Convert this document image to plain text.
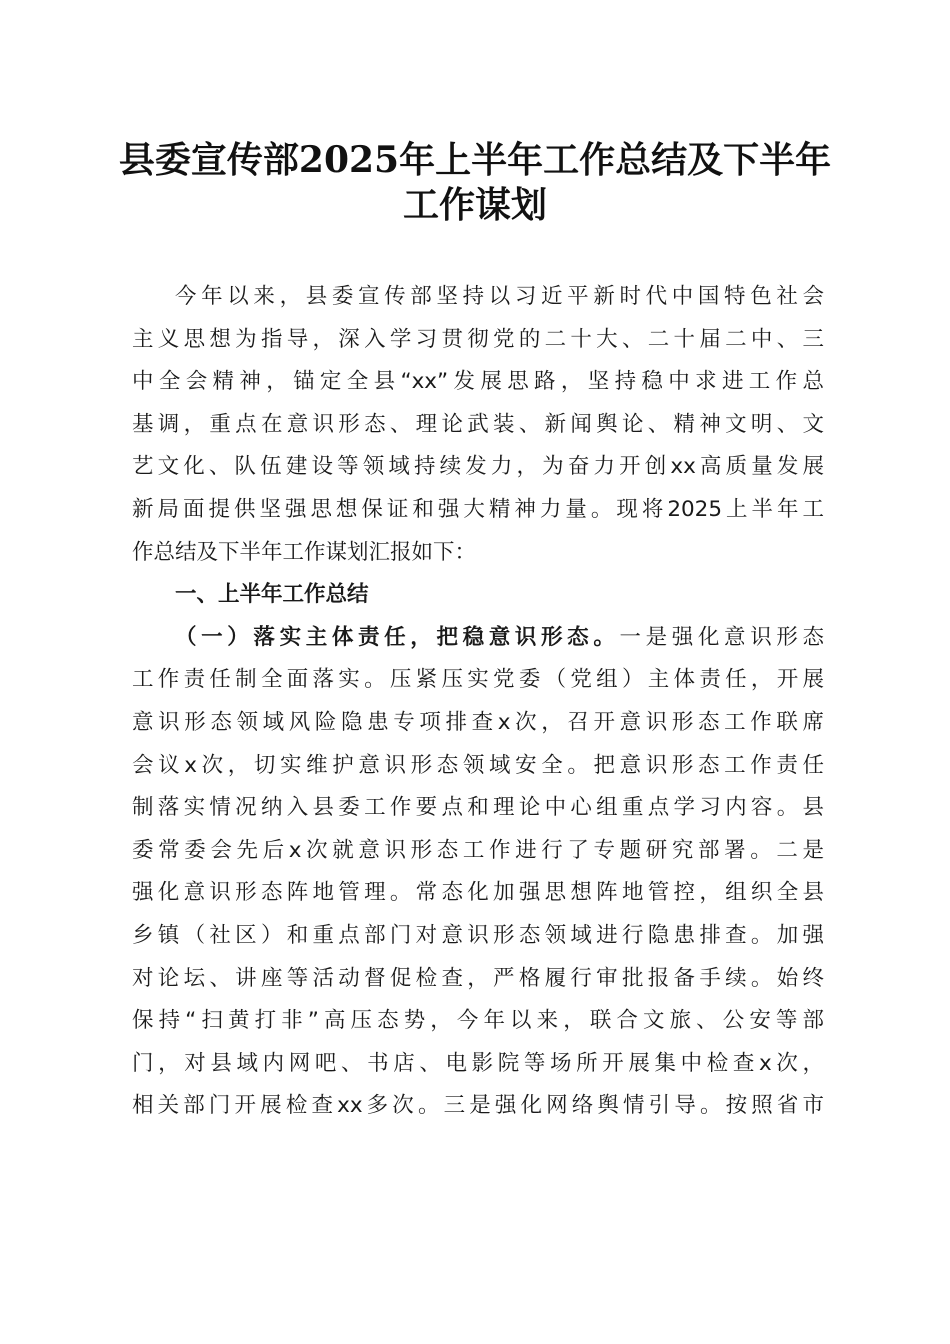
县委宣传部2025年上半年工作总结及下半年
工作谋划
今年以来，县委宣传部坚持以习近平新时代中国特色社会
主义思想为指导，深入学习贯彻党的二十大、二十届二中、三
中全会精神，锚定全县“xx”发展思路，坚持稳中求进工作总
基调，重点在意识形态、理论武装、新闻舆论、精神文明、文
艺文化、队伍建设等领域持续发力，为奋力开创xx高质量发展
新局面提供坚强思想保证和强大精神力量。现将2025上半年工
作总结及下半年工作谋划汇报如下：
一、上半年工作总结
（一）落实主体责任，把稳意识形态。一是强化意识形态
工作责任制全面落实。压紧压实党委（党组）主体责任，开展
意识形态领域风险隐患专项排查x次，召开意识形态工作联席
会议x次，切实维护意识形态领域安全。把意识形态工作责任
制落实情况纳入县委工作要点和理论中心组重点学习内容。县
委常委会先后x次就意识形态工作进行了专题研究部署。二是
强化意识形态阵地管理。常态化加强思想阵地管控，组织全县
乡镇（社区）和重点部门对意识形态领域进行隐患排查。加强
对论坛、讲座等活动督促检查，严格履行审批报备手续。始终
保持“扫黄打非”高压态势，今年以来，联合文旅、公安等部
门，对县域内网吧、书店、电影院等场所开展集中检查x次，
相关部门开展检查xx多次。三是强化网络舆情引导。按照省市
